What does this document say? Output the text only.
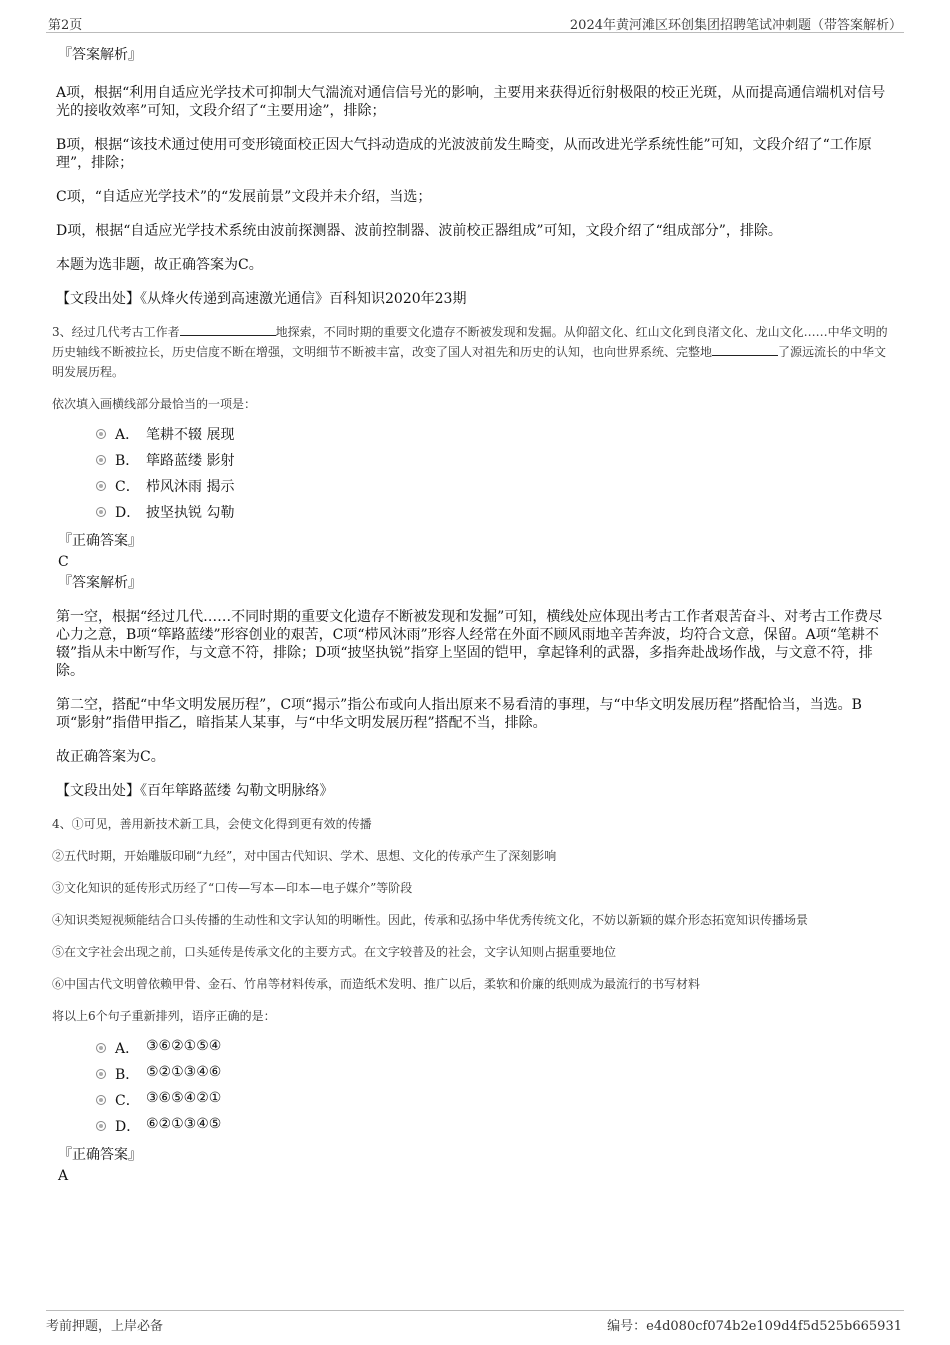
第2页	2024年黄河滩区环创集团招聘笔试冲刺题（带答案解析）
『答案解析』

A项，根据“利用自适应光学技术可抑制大气湍流对通信信号光的影响，主要用来获得近衍射极限的校正光斑，从而提高通信端机对信号光的接收效率”可知，文段介绍了“主要用途”，排除；

B项，根据“该技术通过使用可变形镜面校正因大气抖动造成的光波波前发生畸变，从而改进光学系统性能”可知，文段介绍了“工作原理”，排除；

C项，“自适应光学技术”的“发展前景”文段并未介绍，当选；

D项，根据“自适应光学技术系统由波前探测器、波前控制器、波前校正器组成”可知，文段介绍了“组成部分”，排除。

本题为选非题，故正确答案为C。

【文段出处】《从烽火传递到高速激光通信》百科知识2020年23期

3、经过几代考古工作者	地探索，不同时期的重要文化遗存不断被发现和发掘。从仰韶文化、红山文化到良渚文化、龙山文化……中华文明的历史轴线不断被拉长，历史信度不断在增强，文明细节不断被丰富，改变了国人对祖先和历史的认知，也向世界系统、完整地	了源远流长的中华文明发展历程。

依次填入画横线部分最恰当的一项是：

A． 笔耕不辍 展现
B． 筚路蓝缕 影射
C． 栉风沐雨 揭示
D． 披坚执锐 勾勒
『正确答案』
C
『答案解析』

第一空，根据“经过几代……不同时期的重要文化遗存不断被发现和发掘”可知，横线处应体现出考古工作者艰苦奋斗、对考古工作费尽心力之意，B项“筚路蓝缕”形容创业的艰苦，C项“栉风沐雨”形容人经常在外面不顾风雨地辛苦奔波，均符合文意，保留。A项“笔耕不辍”指从未中断写作，与文意不符，排除；D项“披坚执锐”指穿上坚固的铠甲，拿起锋利的武器，多指奔赴战场作战，与文意不符，排除。

第二空，搭配“中华文明发展历程”，C项“揭示”指公布或向人指出原来不易看清的事理，与“中华文明发展历程”搭配恰当，当选。B项“影射”指借甲指乙，暗指某人某事，与“中华文明发展历程”搭配不当，排除。

故正确答案为C。

【文段出处】《百年筚路蓝缕 勾勒文明脉络》

4、①可见，善用新技术新工具，会使文化得到更有效的传播

②五代时期，开始雕版印刷“九经”，对中国古代知识、学术、思想、文化的传承产生了深刻影响

③文化知识的延传形式历经了“口传—写本—印本—电子媒介”等阶段

④知识类短视频能结合口头传播的生动性和文字认知的明晰性。因此，传承和弘扬中华优秀传统文化，不妨以新颖的媒介形态拓宽知识传播场景

⑤在文字社会出现之前，口头延传是传承文化的主要方式。在文字较普及的社会，文字认知则占据重要地位

⑥中国古代文明曾依赖甲骨、金石、竹帛等材料传承，而造纸术发明、推广以后，柔软和价廉的纸则成为最流行的书写材料

将以上6个句子重新排列，语序正确的是：

A． ③⑥②①⑤④
B． ⑤②①③④⑥
C． ③⑥⑤④②①
D． ⑥②①③④⑤
『正确答案』
A
考前押题，上岸必备	编号：e4d080cf074b2e109d4f5d525b665931
